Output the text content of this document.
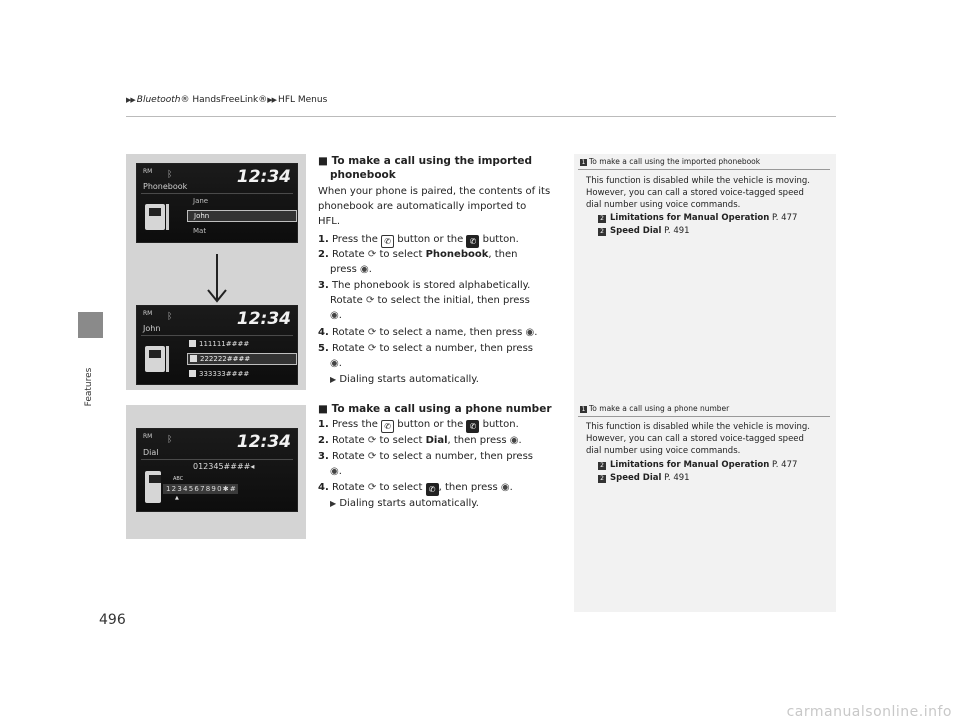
▶▶ Bluetooth® HandsFreeLink®▶▶ HFL Menus
Features
496
RM ᛒ	12:34
Phonebook
Jane
John
Mat
RM ᛒ	12:34
John
111111####
222222####
333333####
RM ᛒ	12:34
Dial
012345####◂
ABC
1 2 3 4 5 6 7 8 9 0 ✱ #
▲
■ To make a call using the imported
phonebook
When your phone is paired, the contents of its
phonebook are automatically imported to
HFL.
1. Press the ✆ button or the ✆ button.
2. Rotate ⟳ to select Phonebook, then
press ◉.
3. The phonebook is stored alphabetically.
Rotate ⟳ to select the initial, then press
◉.
4. Rotate ⟳ to select a name, then press ◉.
5. Rotate ⟳ to select a number, then press
◉.
▶ Dialing starts automatically.
■ To make a call using a phone number
1. Press the ✆ button or the ✆ button.
2. Rotate ⟳ to select Dial, then press ◉.
3. Rotate ⟳ to select a number, then press
◉.
4. Rotate ⟳ to select ✆ , then press ◉.
▶ Dialing starts automatically.
1 To make a call using the imported phonebook
This function is disabled while the vehicle is moving.
However, you can call a stored voice-tagged speed
dial number using voice commands.
2 Limitations for Manual Operation P. 477
2 Speed Dial P. 491
1 To make a call using a phone number
This function is disabled while the vehicle is moving.
However, you can call a stored voice-tagged speed
dial number using voice commands.
2 Limitations for Manual Operation P. 477
2 Speed Dial P. 491
carmanualsonline.info
